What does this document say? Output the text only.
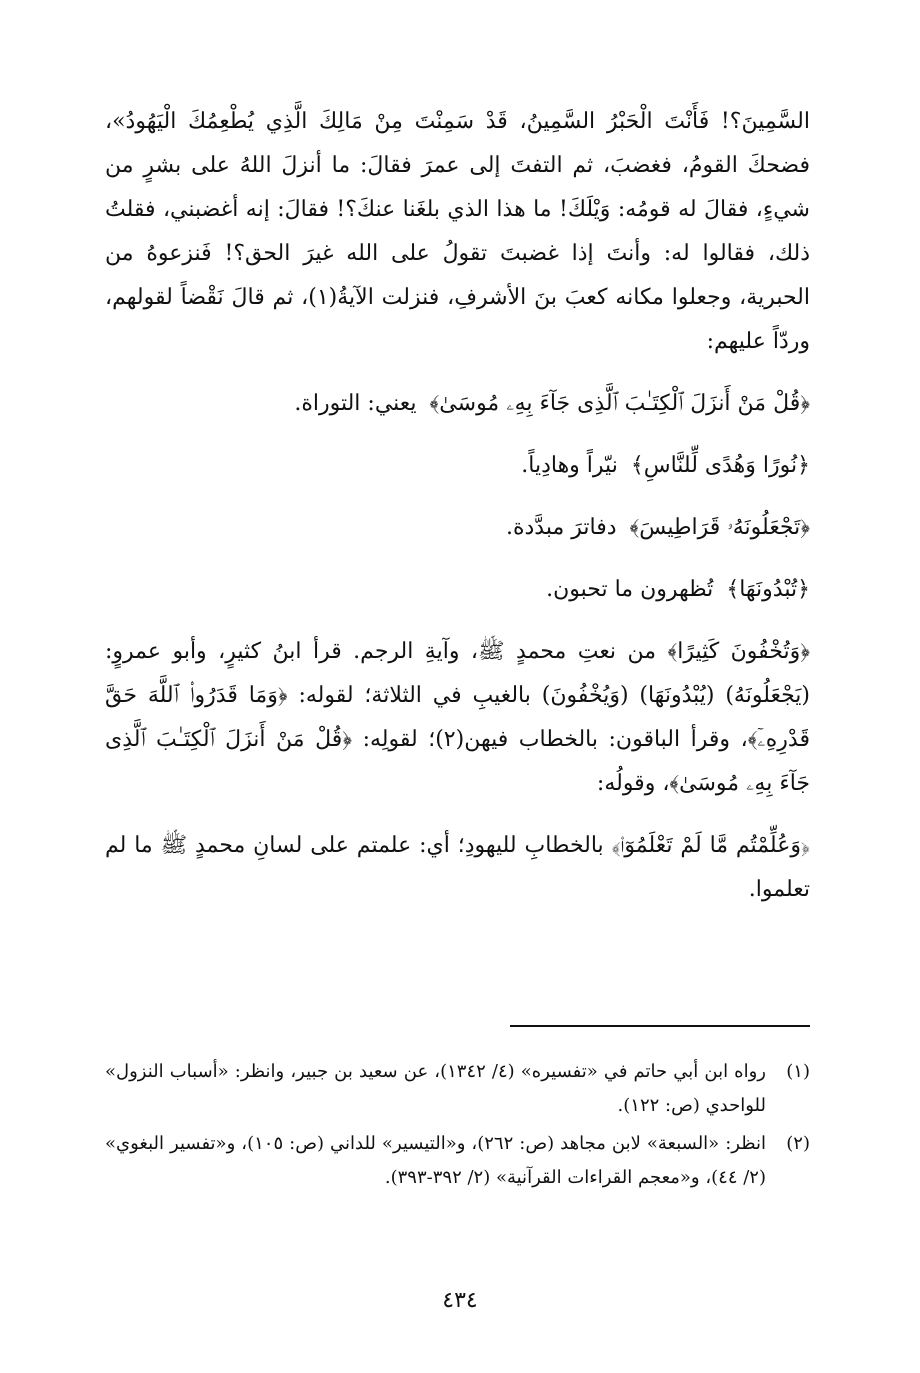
السَّمِينَ؟! فَأَنْتَ الْحَبْرُ السَّمِينُ، قَدْ سَمِنْتَ مِنْ مَالِكَ الَّذِي يُطْعِمُكَ الْيَهُودُ»، فضحكَ القومُ، فغضبَ، ثم التفتَ إلى عمرَ فقالَ: ما أنزلَ اللهُ على بشرٍ من شيءٍ، فقالَ له قومُه: وَيْلَكَ! ما هذا الذي بلغَنا عنكَ؟! فقالَ: إنه أغضبني، فقلتُ ذلك، فقالوا له: وأنتَ إذا غضبتَ تقولُ على الله غيرَ الحق؟! فَنزعوهُ من الحبرية، وجعلوا مكانه كعبَ بنَ الأشرفِ، فنزلت الآيةُ(١)، ثم قالَ نَقْضاً لقولهم، وردّاً عليهم:

﴿قُلْ مَنْ أَنزَلَ ٱلْكِتَـٰبَ ٱلَّذِى جَآءَ بِهِۦ مُوسَىٰ﴾ يعني: التوراة.

﴿نُورًا وَهُدًى لِّلنَّاسِ﴾ نيّراً وهادِياً.

﴿تَجْعَلُونَهُۥ قَرَاطِيسَ﴾ دفاترَ مبدَّدة.

﴿تُبْدُونَهَا﴾ تُظهرون ما تحبون.

﴿وَتُخْفُونَ كَثِيرًا﴾ من نعتِ محمدٍ ﷺ، وآيةِ الرجم. قرأ ابنُ كثيرٍ، وأبو عمروٍ: (يَجْعَلُونَهُ) (يُبْدُونَهَا) (وَيُخْفُونَ) بالغيبِ في الثلاثة؛ لقوله: ﴿وَمَا قَدَرُوا۟ ٱللَّهَ حَقَّ قَدْرِهِۦٓ﴾، وقرأ الباقون: بالخطاب فيهن(٢)؛ لقولِه: ﴿قُلْ مَنْ أَنزَلَ ٱلْكِتَـٰبَ ٱلَّذِى جَآءَ بِهِۦ مُوسَىٰ﴾، وقولُه:

﴿وَعُلِّمْتُم مَّا لَمْ تَعْلَمُوٓا۟﴾ بالخطابِ لليهودِ؛ أي: علمتم على لسانِ محمدٍ ﷺ ما لم تعلموا.

(١)
رواه ابن أبي حاتم في «تفسيره» (٤/ ١٣٤٢)، عن سعيد بن جبير، وانظر: «أسباب النزول» للواحدي (ص: ١٢٢).

(٢)
انظر: «السبعة» لابن مجاهد (ص: ٢٦٢)، و«التيسير» للداني (ص: ١٠٥)، و«تفسير البغوي» (٢/ ٤٤)، و«معجم القراءات القرآنية» (٢/ ٣٩٢-٣٩٣).

٤٣٤
